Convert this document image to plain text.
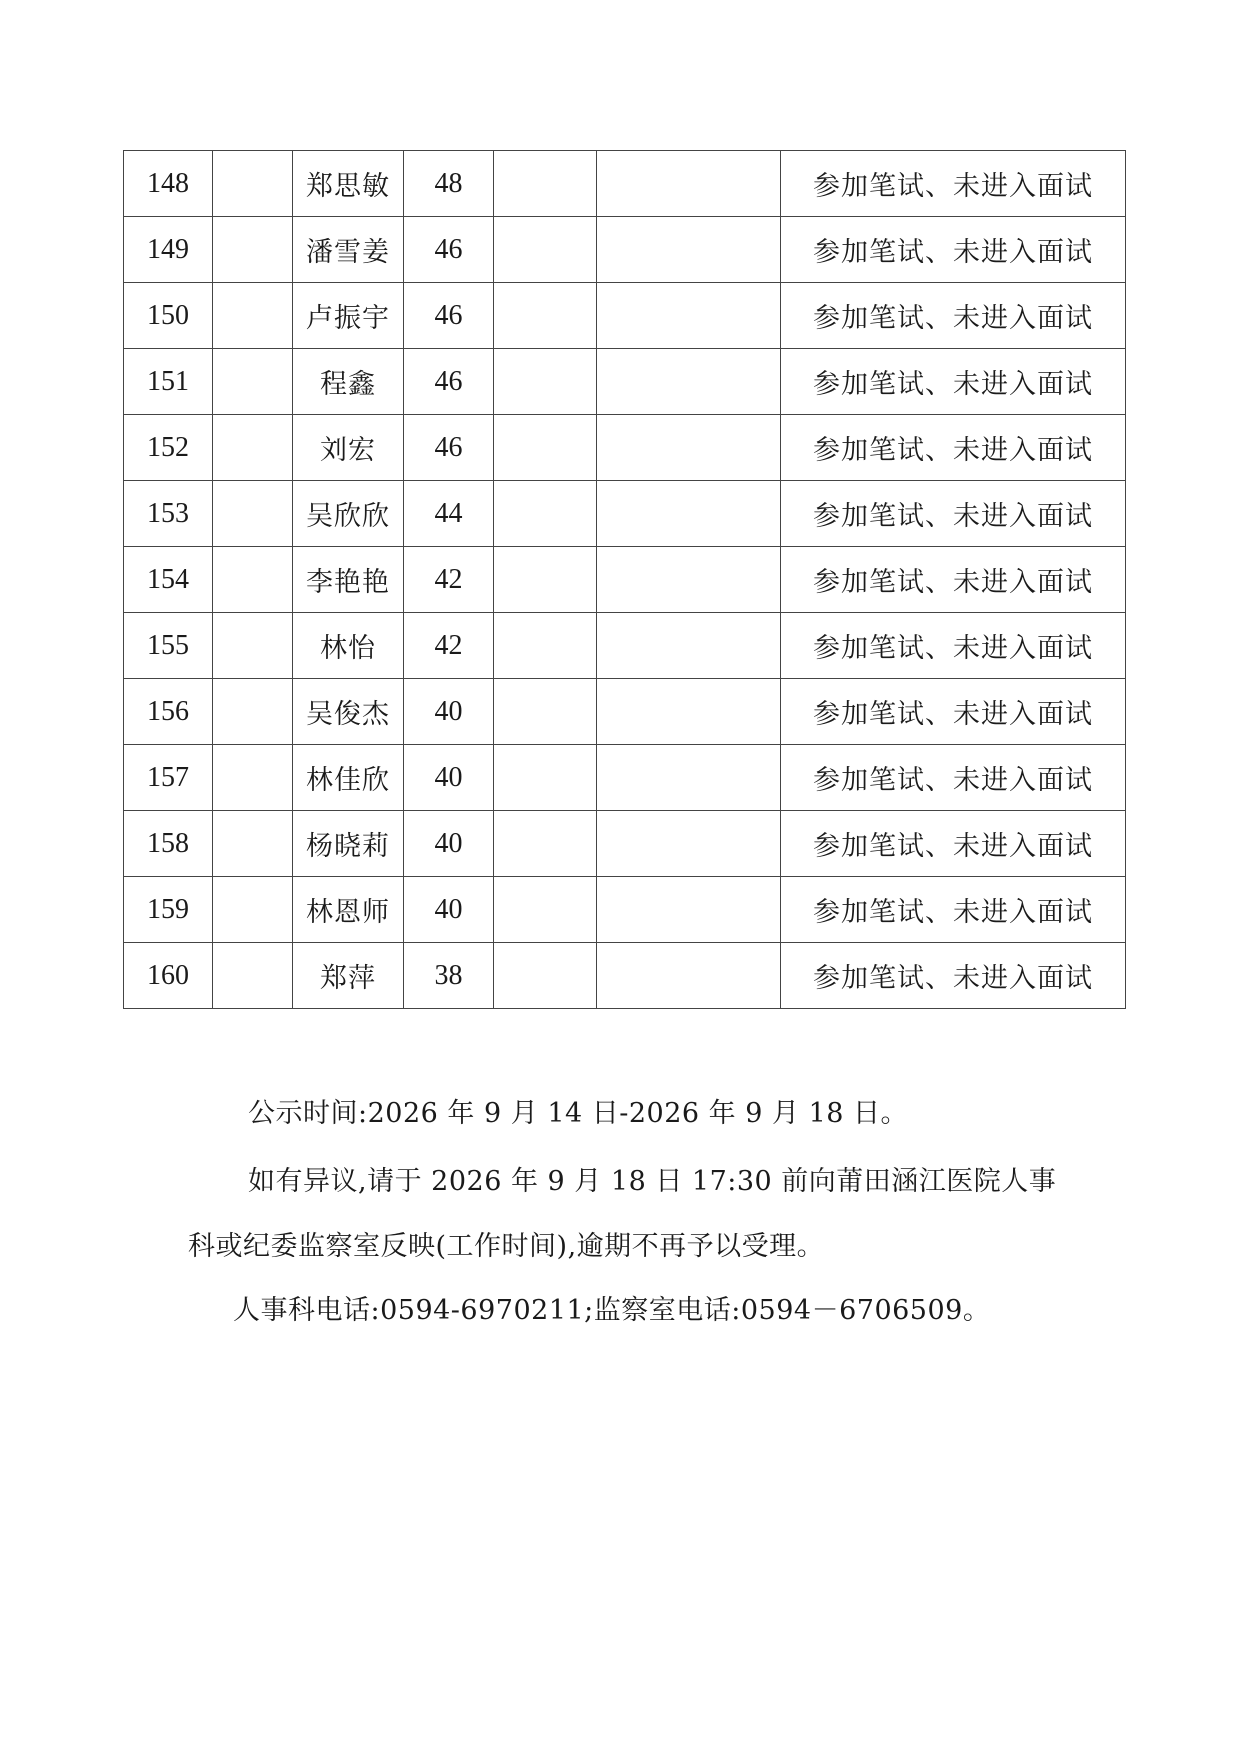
148		郑思敏	48			参加笔试、未进入面试
149		潘雪姜	46			参加笔试、未进入面试
150		卢振宇	46			参加笔试、未进入面试
151		程鑫	46			参加笔试、未进入面试
152		刘宏	46			参加笔试、未进入面试
153		吴欣欣	44			参加笔试、未进入面试
154		李艳艳	42			参加笔试、未进入面试
155		林怡	42			参加笔试、未进入面试
156		吴俊杰	40			参加笔试、未进入面试
157		林佳欣	40			参加笔试、未进入面试
158		杨晓莉	40			参加笔试、未进入面试
159		林恩师	40			参加笔试、未进入面试
160		郑萍	38			参加笔试、未进入面试

公示时间:2026 年 9 月 14 日-2026 年 9 月 18 日。

如有异议,请于 2026 年 9 月 18 日 17:30 前向莆田涵江医院人事

科或纪委监察室反映(工作时间),逾期不再予以受理。

人事科电话:0594-6970211;监察室电话:0594－6706509。
